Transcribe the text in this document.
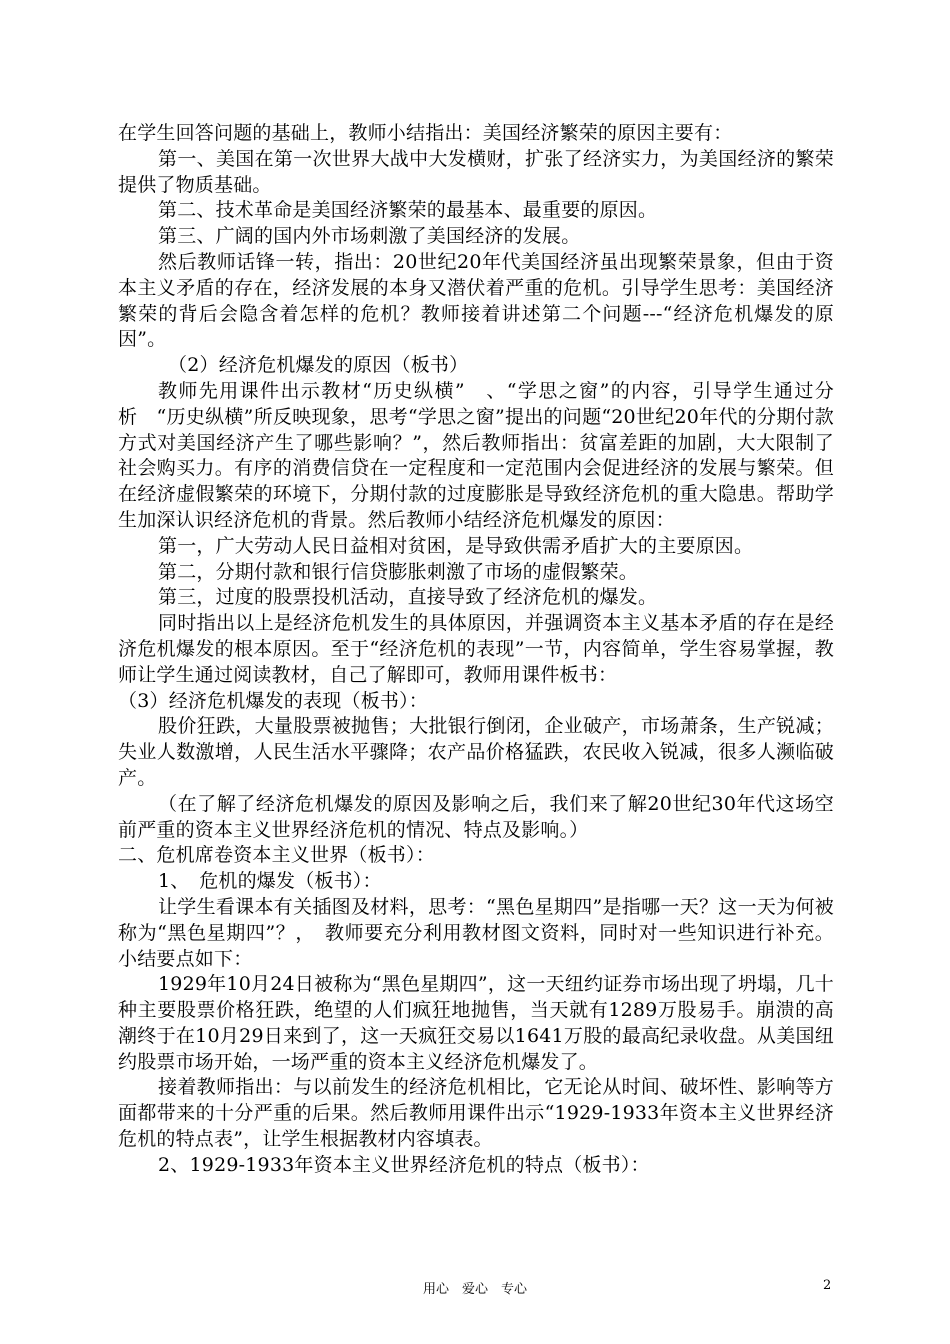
在学生回答问题的基础上，教师小结指出：美国经济繁荣的原因主要有：

第一、美国在第一次世界大战中大发横财，扩张了经济实力，为美国经济的繁荣提供了物质基础。

第二、技术革命是美国经济繁荣的最基本、最重要的原因。

第三、广阔的国内外市场刺激了美国经济的发展。

然后教师话锋一转，指出：20世纪20年代美国经济虽出现繁荣景象，但由于资本主义矛盾的存在，经济发展的本身又潜伏着严重的危机。引导学生思考：美国经济繁荣的背后会隐含着怎样的危机？教师接着讲述第二个问题---“经济危机爆发的原因”。

（2）经济危机爆发的原因（板书）

教师先用课件出示教材“历史纵横”　、“学思之窗”的内容，引导学生通过分析　“历史纵横”所反映现象，思考“学思之窗”提出的问题“20世纪20年代的分期付款方式对美国经济产生了哪些影响？”，然后教师指出：贫富差距的加剧，大大限制了社会购买力。有序的消费信贷在一定程度和一定范围内会促进经济的发展与繁荣。但在经济虚假繁荣的环境下，分期付款的过度膨胀是导致经济危机的重大隐患。帮助学生加深认识经济危机的背景。然后教师小结经济危机爆发的原因：

第一，广大劳动人民日益相对贫困，是导致供需矛盾扩大的主要原因。

第二，分期付款和银行信贷膨胀刺激了市场的虚假繁荣。

第三，过度的股票投机活动，直接导致了经济危机的爆发。

同时指出以上是经济危机发生的具体原因，并强调资本主义基本矛盾的存在是经济危机爆发的根本原因。至于“经济危机的表现”一节，内容简单，学生容易掌握，教师让学生通过阅读教材，自己了解即可，教师用课件板书：

（3）经济危机爆发的表现（板书）：

股价狂跌，大量股票被抛售；大批银行倒闭，企业破产，市场萧条，生产锐减；失业人数激增，人民生活水平骤降；农产品价格猛跌，农民收入锐减，很多人濒临破产。

（在了解了经济危机爆发的原因及影响之后，我们来了解20世纪30年代这场空前严重的资本主义世界经济危机的情况、特点及影响。）

二、危机席卷资本主义世界（板书）：

1、　危机的爆发（板书）：

让学生看课本有关插图及材料，思考：“黑色星期四”是指哪一天？这一天为何被称为“黑色星期四”？，　教师要充分利用教材图文资料，同时对一些知识进行补充。小结要点如下：

1929年10月24日被称为“黑色星期四”，这一天纽约证券市场出现了坍塌，几十种主要股票价格狂跌，绝望的人们疯狂地抛售，当天就有1289万股易手。崩溃的高潮终于在10月29日来到了，这一天疯狂交易以1641万股的最高纪录收盘。从美国纽约股票市场开始，一场严重的资本主义经济危机爆发了。

接着教师指出：与以前发生的经济危机相比，它无论从时间、破坏性、影响等方面都带来的十分严重的后果。然后教师用课件出示“1929-1933年资本主义世界经济危机的特点表”，让学生根据教材内容填表。

2、1929-1933年资本主义世界经济危机的特点（板书）：

用心　爱心　专心	2
